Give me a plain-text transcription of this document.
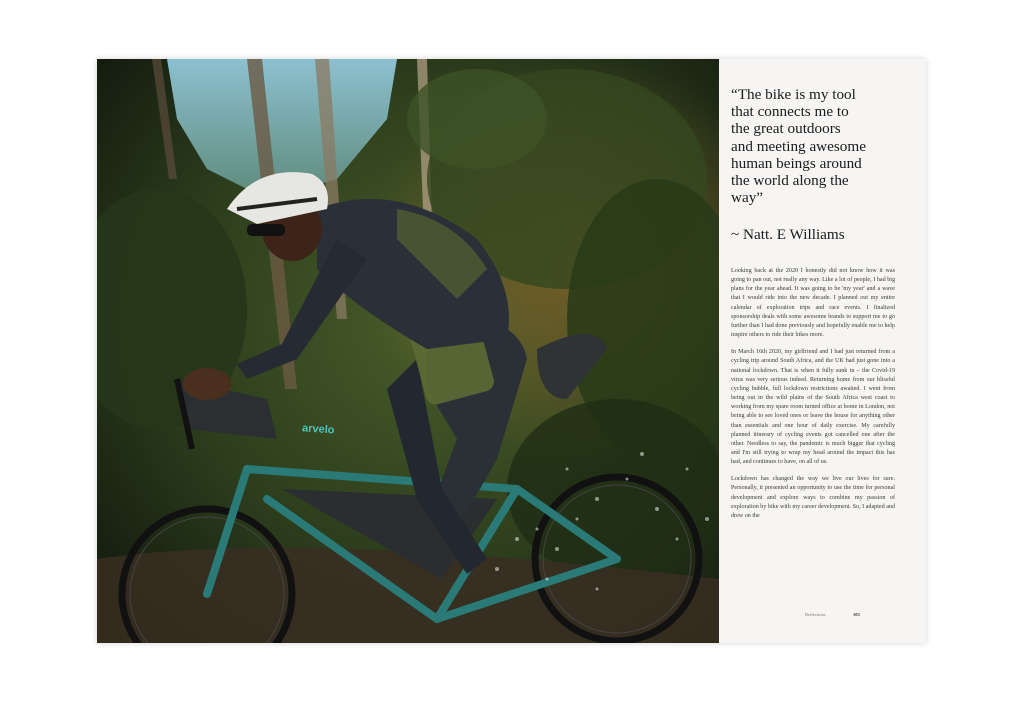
arvelo
“The bike is my tool
that connects me to
the great outdoors
and meeting awesome
human beings around
the world along the
way”
~ Natt. E Williams

Looking back at the 2020 I honestly did not know how it was going to pan out, not really any way. Like a lot of people, I had big plans for the year ahead. It was going to be 'my year' and a wave that I would ride into the new decade. I planned out my entire calendar of exploration trips and race events. I finalized sponsorship deals with some awesome brands to support me to go further than I had done previously and hopefully enable me to help inspire others to ride their bikes more.

In March 16th 2020, my girlfriend and I had just returned from a cycling trip around South Africa, and the UK had just gone into a national lockdown. That is when it fully sunk in – the Covid-19 virus was very serious indeed. Returning home from our blissful cycling bubble, full lockdown restrictions awaited. I went from being out in the wild plains of the South Africa west coast to working from my spare room turned office at home in London, not being able to see loved ones or leave the house for anything other than essentials and one hour of daily exercise. My carefully planned itinerary of cycling events got cancelled one after the other. Needless to say, the pandemic is much bigger that cycling and I'm still trying to wrap my head around the impact this has had, and continues to have, on all of us.

Lockdown has changed the way we live our lives for sure. Personally, it presented an opportunity to use the time for personal development and explore ways to combine my passion of exploration by bike with my career development. So, I adapted and drew on the

Reflections	103
